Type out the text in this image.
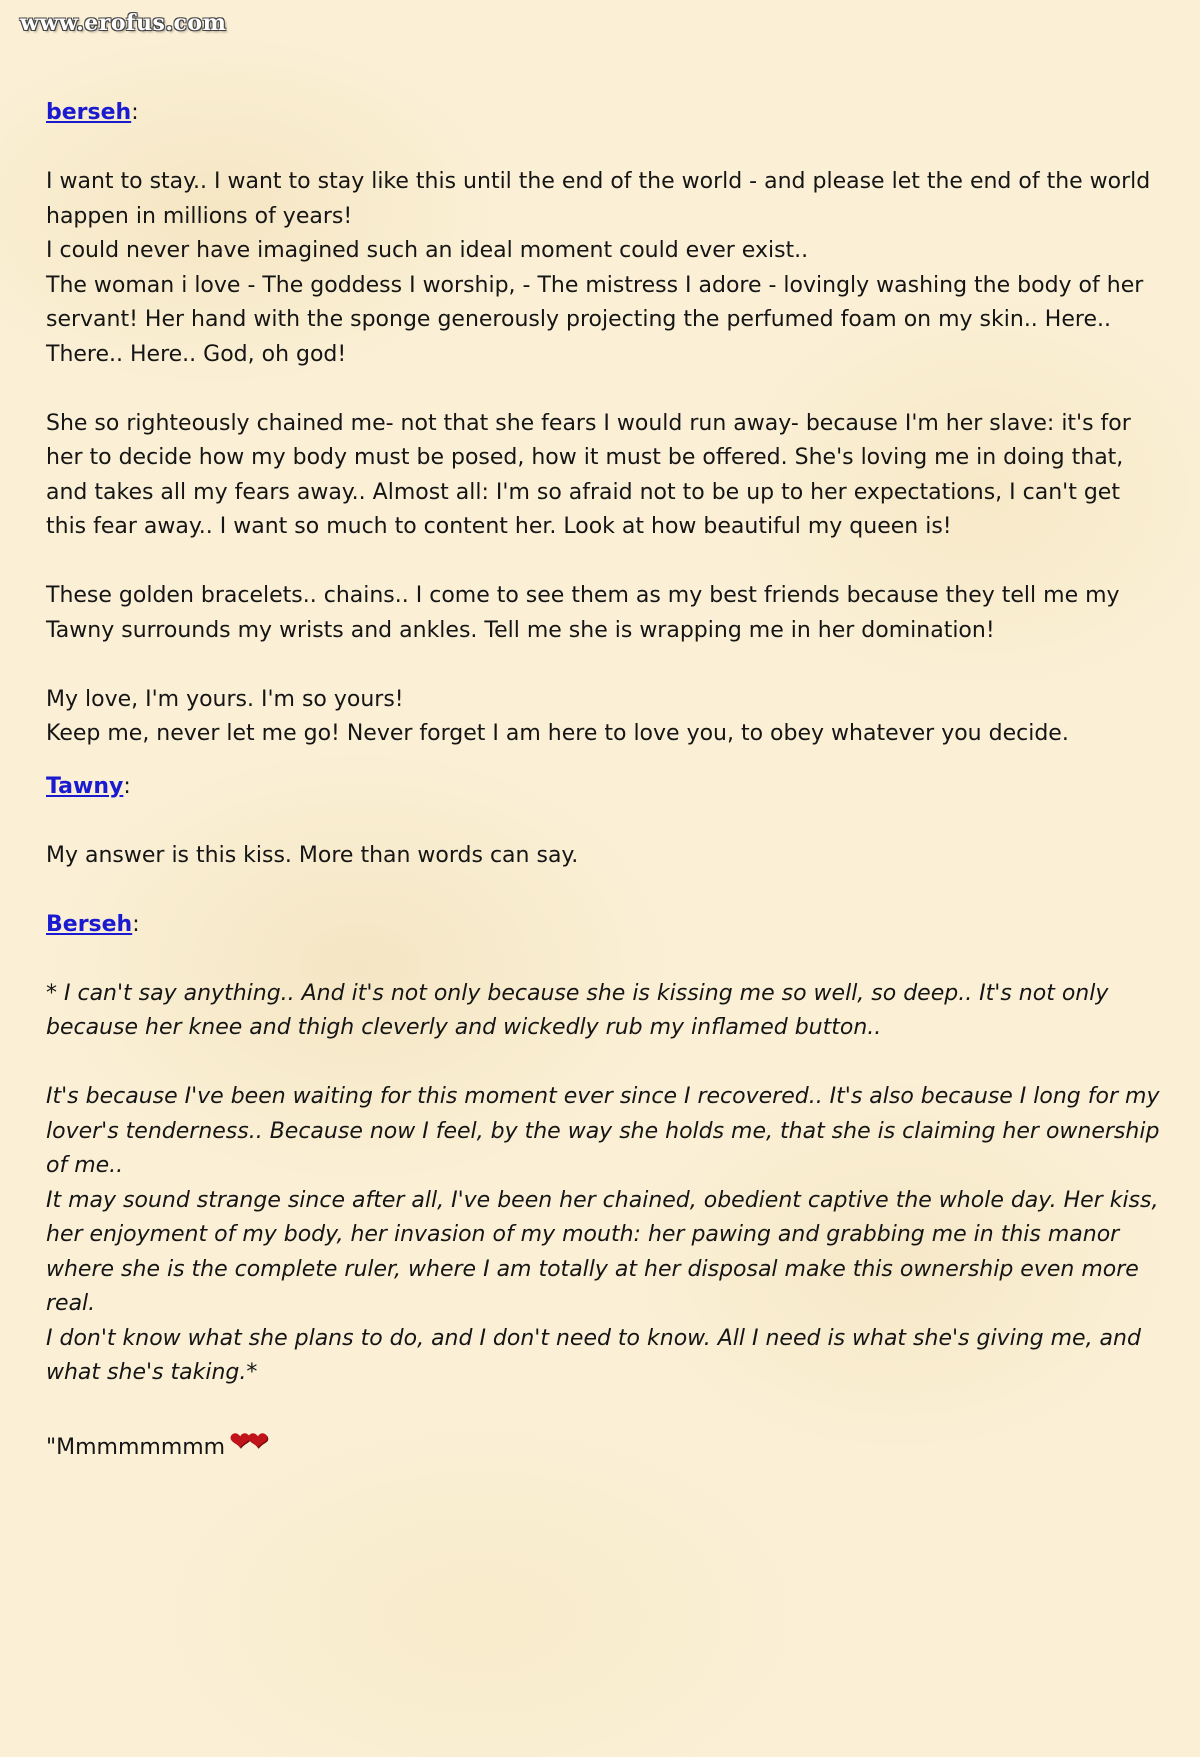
www.erofus.com

berseh:

I want to stay.. I want to stay like this until the end of the world - and please let the end of the world happen in millions of years!

I could never have imagined such an ideal moment could ever exist..

The woman i love - The goddess I worship, - The mistress I adore - lovingly washing the body of her servant! Her hand with the sponge generously projecting the perfumed foam on my skin.. Here.. There.. Here.. God, oh god!

She so righteously chained me- not that she fears I would run away- because I'm her slave: it's for her to decide how my body must be posed, how it must be offered. She's loving me in doing that, and takes all my fears away.. Almost all: I'm so afraid not to be up to her expectations, I can't get this fear away.. I want so much to content her. Look at how beautiful my queen is!

These golden bracelets.. chains.. I come to see them as my best friends because they tell me my Tawny surrounds my wrists and ankles. Tell me she is wrapping me in her domination!

My love, I'm yours. I'm so yours!

Keep me, never let me go! Never forget I am here to love you, to obey whatever you decide.

Tawny:

My answer is this kiss. More than words can say.

Berseh:

* I can't say anything.. And it's not only because she is kissing me so well, so deep.. It's not only because her knee and thigh cleverly and wickedly rub my inflamed button..

It's because I've been waiting for this moment ever since I recovered.. It's also because I long for my lover's tenderness.. Because now I feel, by the way she holds me, that she is claiming her ownership of me..

It may sound strange since after all, I've been her chained, obedient captive the whole day. Her kiss, her enjoyment of my body, her invasion of my mouth: her pawing and grabbing me in this manor where she is the complete ruler, where I am totally at her disposal make this ownership even more real.

I don't know what she plans to do, and I don't need to know. All I need is what she's giving me, and what she's taking.*

"Mmmmmmmm ❤❤
